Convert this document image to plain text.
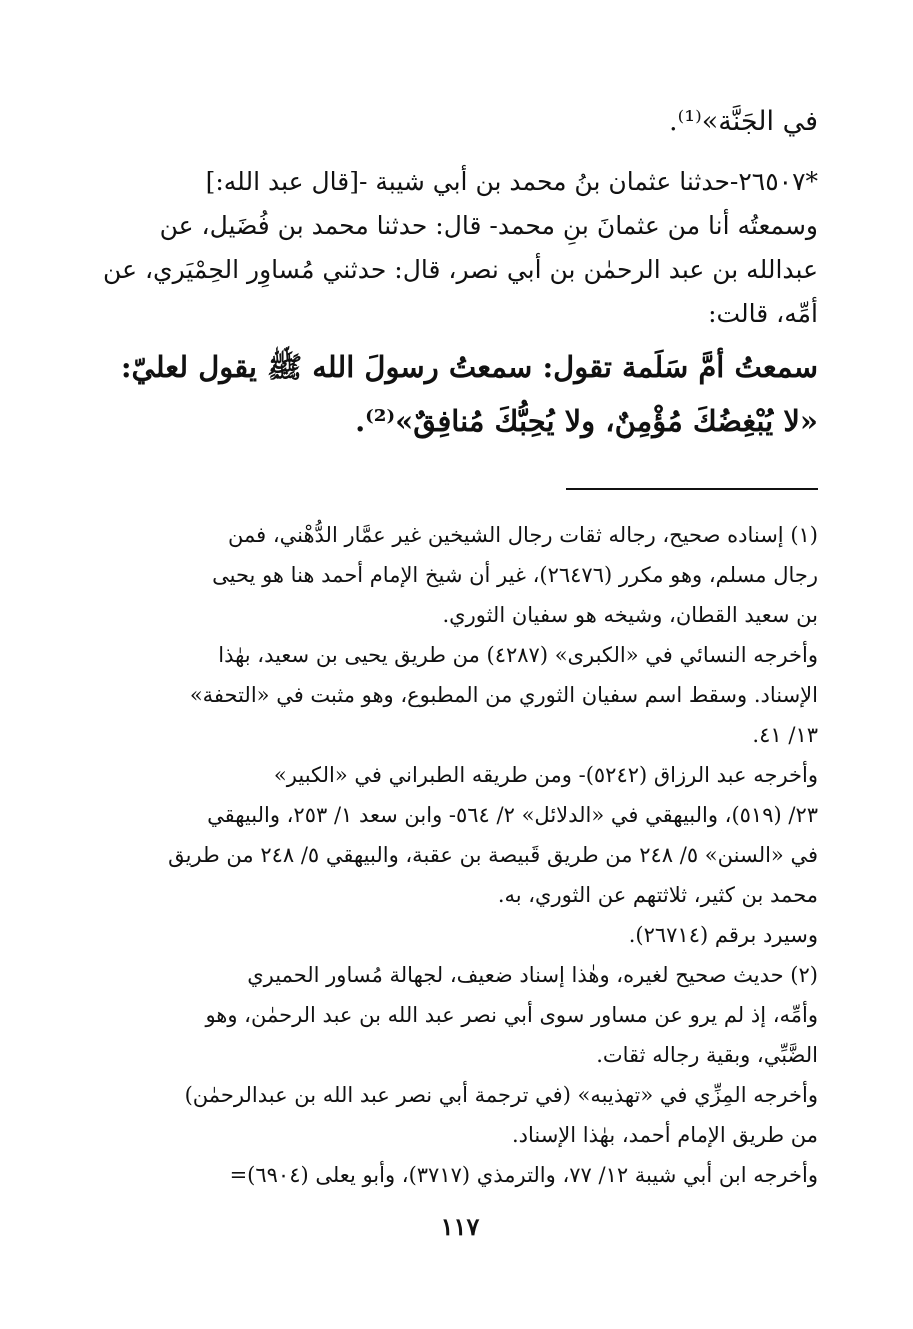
في الجَنَّة»⁽¹⁾.
*٢٦٥٠٧-حدثنا عثمان بنُ محمد بن أبي شيبة -[قال عبد الله:]
وسمعتُه أنا من عثمانَ بنِ محمد- قال: حدثنا محمد بن فُضَيل، عن
عبدالله بن عبد الرحمٰن بن أبي نصر، قال: حدثني مُساوِر الحِمْيَري، عن
أمِّه، قالت:
سمعتُ أمَّ سَلَمة تقول: سمعتُ رسولَ الله ﷺ يقول لعليّ:
«لا يُبْغِضُكَ مُؤْمِنٌ، ولا يُحِبُّكَ مُنافِقٌ»⁽²⁾.
(١) إسناده صحيح، رجاله ثقات رجال الشيخين غير عمَّار الدُّهْني، فمن
رجال مسلم، وهو مكرر (٢٦٤٧٦)، غير أن شيخ الإمام أحمد هنا هو يحيى
بن سعيد القطان، وشيخه هو سفيان الثوري.
وأخرجه النسائي في «الكبرى» (٤٢٨٧) من طريق يحيى بن سعيد، بهٰذا
الإسناد. وسقط اسم سفيان الثوري من المطبوع، وهو مثبت في «التحفة»
١٣/ ٤١.
وأخرجه عبد الرزاق (٥٢٤٢)- ومن طريقه الطبراني في «الكبير»
٢٣/ (٥١٩)، والبيهقي في «الدلائل» ٢/ ٥٦٤- وابن سعد ١/ ٢٥٣، والبيهقي
في «السنن» ٥/ ٢٤٨ من طريق قَبيصة بن عقبة، والبيهقي ٥/ ٢٤٨ من طريق
محمد بن كثير، ثلاثتهم عن الثوري، به.
وسيرد برقم (٢٦٧١٤).
(٢) حديث صحيح لغيره، وهٰذا إسناد ضعيف، لجهالة مُساور الحميري
وأمِّه، إذ لم يرو عن مساور سوى أبي نصر عبد الله بن عبد الرحمٰن، وهو
الضَّبِّي، وبقية رجاله ثقات.
وأخرجه المِزِّي في «تهذيبه» (في ترجمة أبي نصر عبد الله بن عبدالرحمٰن)
من طريق الإمام أحمد، بهٰذا الإسناد.
وأخرجه ابن أبي شيبة ١٢/ ٧٧، والترمذي (٣٧١٧)، وأبو يعلى (٦٩٠٤)=
١١٧
